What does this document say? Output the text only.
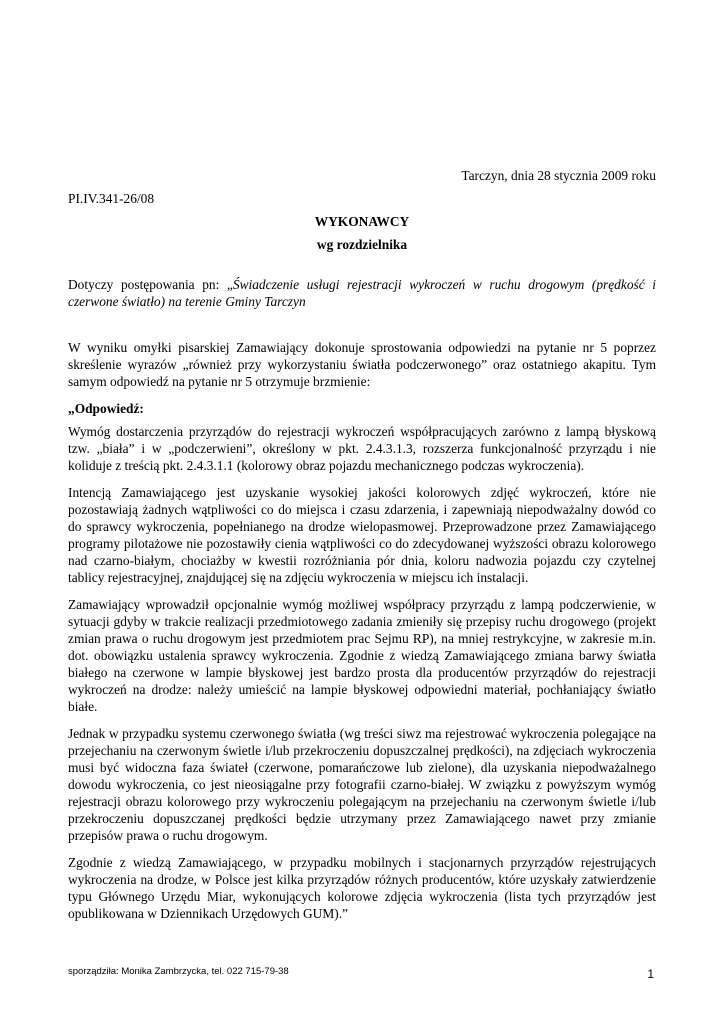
Tarczyn, dnia 28 stycznia 2009 roku
PI.IV.341-26/08
WYKONAWCY
wg rozdzielnika

Dotyczy postępowania pn: „Świadczenie usługi rejestracji wykroczeń w ruchu drogowym (prędkość i czerwone światło) na terenie Gminy Tarczyn

W wyniku omyłki pisarskiej Zamawiający dokonuje sprostowania odpowiedzi na pytanie nr 5 poprzez skreślenie wyrazów „również przy wykorzystaniu światła podczerwonego” oraz ostatniego akapitu. Tym samym odpowiedź na pytanie nr 5 otrzymuje brzmienie:

„Odpowiedź:

Wymóg dostarczenia przyrządów do rejestracji wykroczeń współpracujących zarówno z lampą błyskową tzw. „biała” i w „podczerwieni”, określony w pkt. 2.4.3.1.3, rozszerza funkcjonalność przyrządu i nie koliduje z treścią pkt. 2.4.3.1.1 (kolorowy obraz pojazdu mechanicznego podczas wykroczenia).

Intencją Zamawiającego jest uzyskanie wysokiej jakości kolorowych zdjęć wykroczeń, które nie pozostawiają żadnych wątpliwości co do miejsca i czasu zdarzenia, i zapewniają niepodważalny dowód co do sprawcy wykroczenia, popełnianego na drodze wielopasmowej. Przeprowadzone przez Zamawiającego programy pilotażowe nie pozostawiły cienia wątpliwości co do zdecydowanej wyższości obrazu kolorowego nad czarno-białym, chociażby w kwestii rozróżniania pór dnia, koloru nadwozia pojazdu czy czytelnej tablicy rejestracyjnej, znajdującej się na zdjęciu wykroczenia w miejscu ich instalacji.

Zamawiający wprowadził opcjonalnie wymóg możliwej współpracy przyrządu z lampą podczerwienie, w sytuacji gdyby w trakcie realizacji przedmiotowego zadania zmieniły się przepisy ruchu drogowego (projekt zmian prawa o ruchu drogowym jest przedmiotem prac Sejmu RP), na mniej restrykcyjne, w zakresie m.in. dot. obowiązku ustalenia sprawcy wykroczenia. Zgodnie z wiedzą Zamawiającego zmiana barwy światła białego na czerwone w lampie błyskowej jest bardzo prosta dla producentów przyrządów do rejestracji wykroczeń na drodze: należy umieścić na lampie błyskowej odpowiedni materiał, pochłaniający światło białe.

Jednak w przypadku systemu czerwonego światła (wg treści siwz ma rejestrować wykroczenia polegające na przejechaniu na czerwonym świetle i/lub przekroczeniu dopuszczalnej prędkości), na zdjęciach wykroczenia musi być widoczna faza świateł (czerwone, pomarańczowe lub zielone), dla uzyskania niepodważalnego dowodu wykroczenia, co jest nieosiągalne przy fotografii czarno-białej. W związku z powyższym wymóg rejestracji obrazu kolorowego przy wykroczeniu polegającym na przejechaniu na czerwonym świetle i/lub przekroczeniu dopuszczanej prędkości będzie utrzymany przez Zamawiającego nawet przy zmianie przepisów prawa o ruchu drogowym.

Zgodnie z wiedzą Zamawiającego, w przypadku mobilnych i stacjonarnych przyrządów rejestrujących wykroczenia na drodze, w Polsce jest kilka przyrządów różnych producentów, które uzyskały zatwierdzenie typu Głównego Urzędu Miar, wykonujących kolorowe zdjęcia wykroczenia (lista tych przyrządów jest opublikowana w Dziennikach Urzędowych GUM).”

sporządziła: Monika Zambrzycka, tel. 022 715-79-38	1
